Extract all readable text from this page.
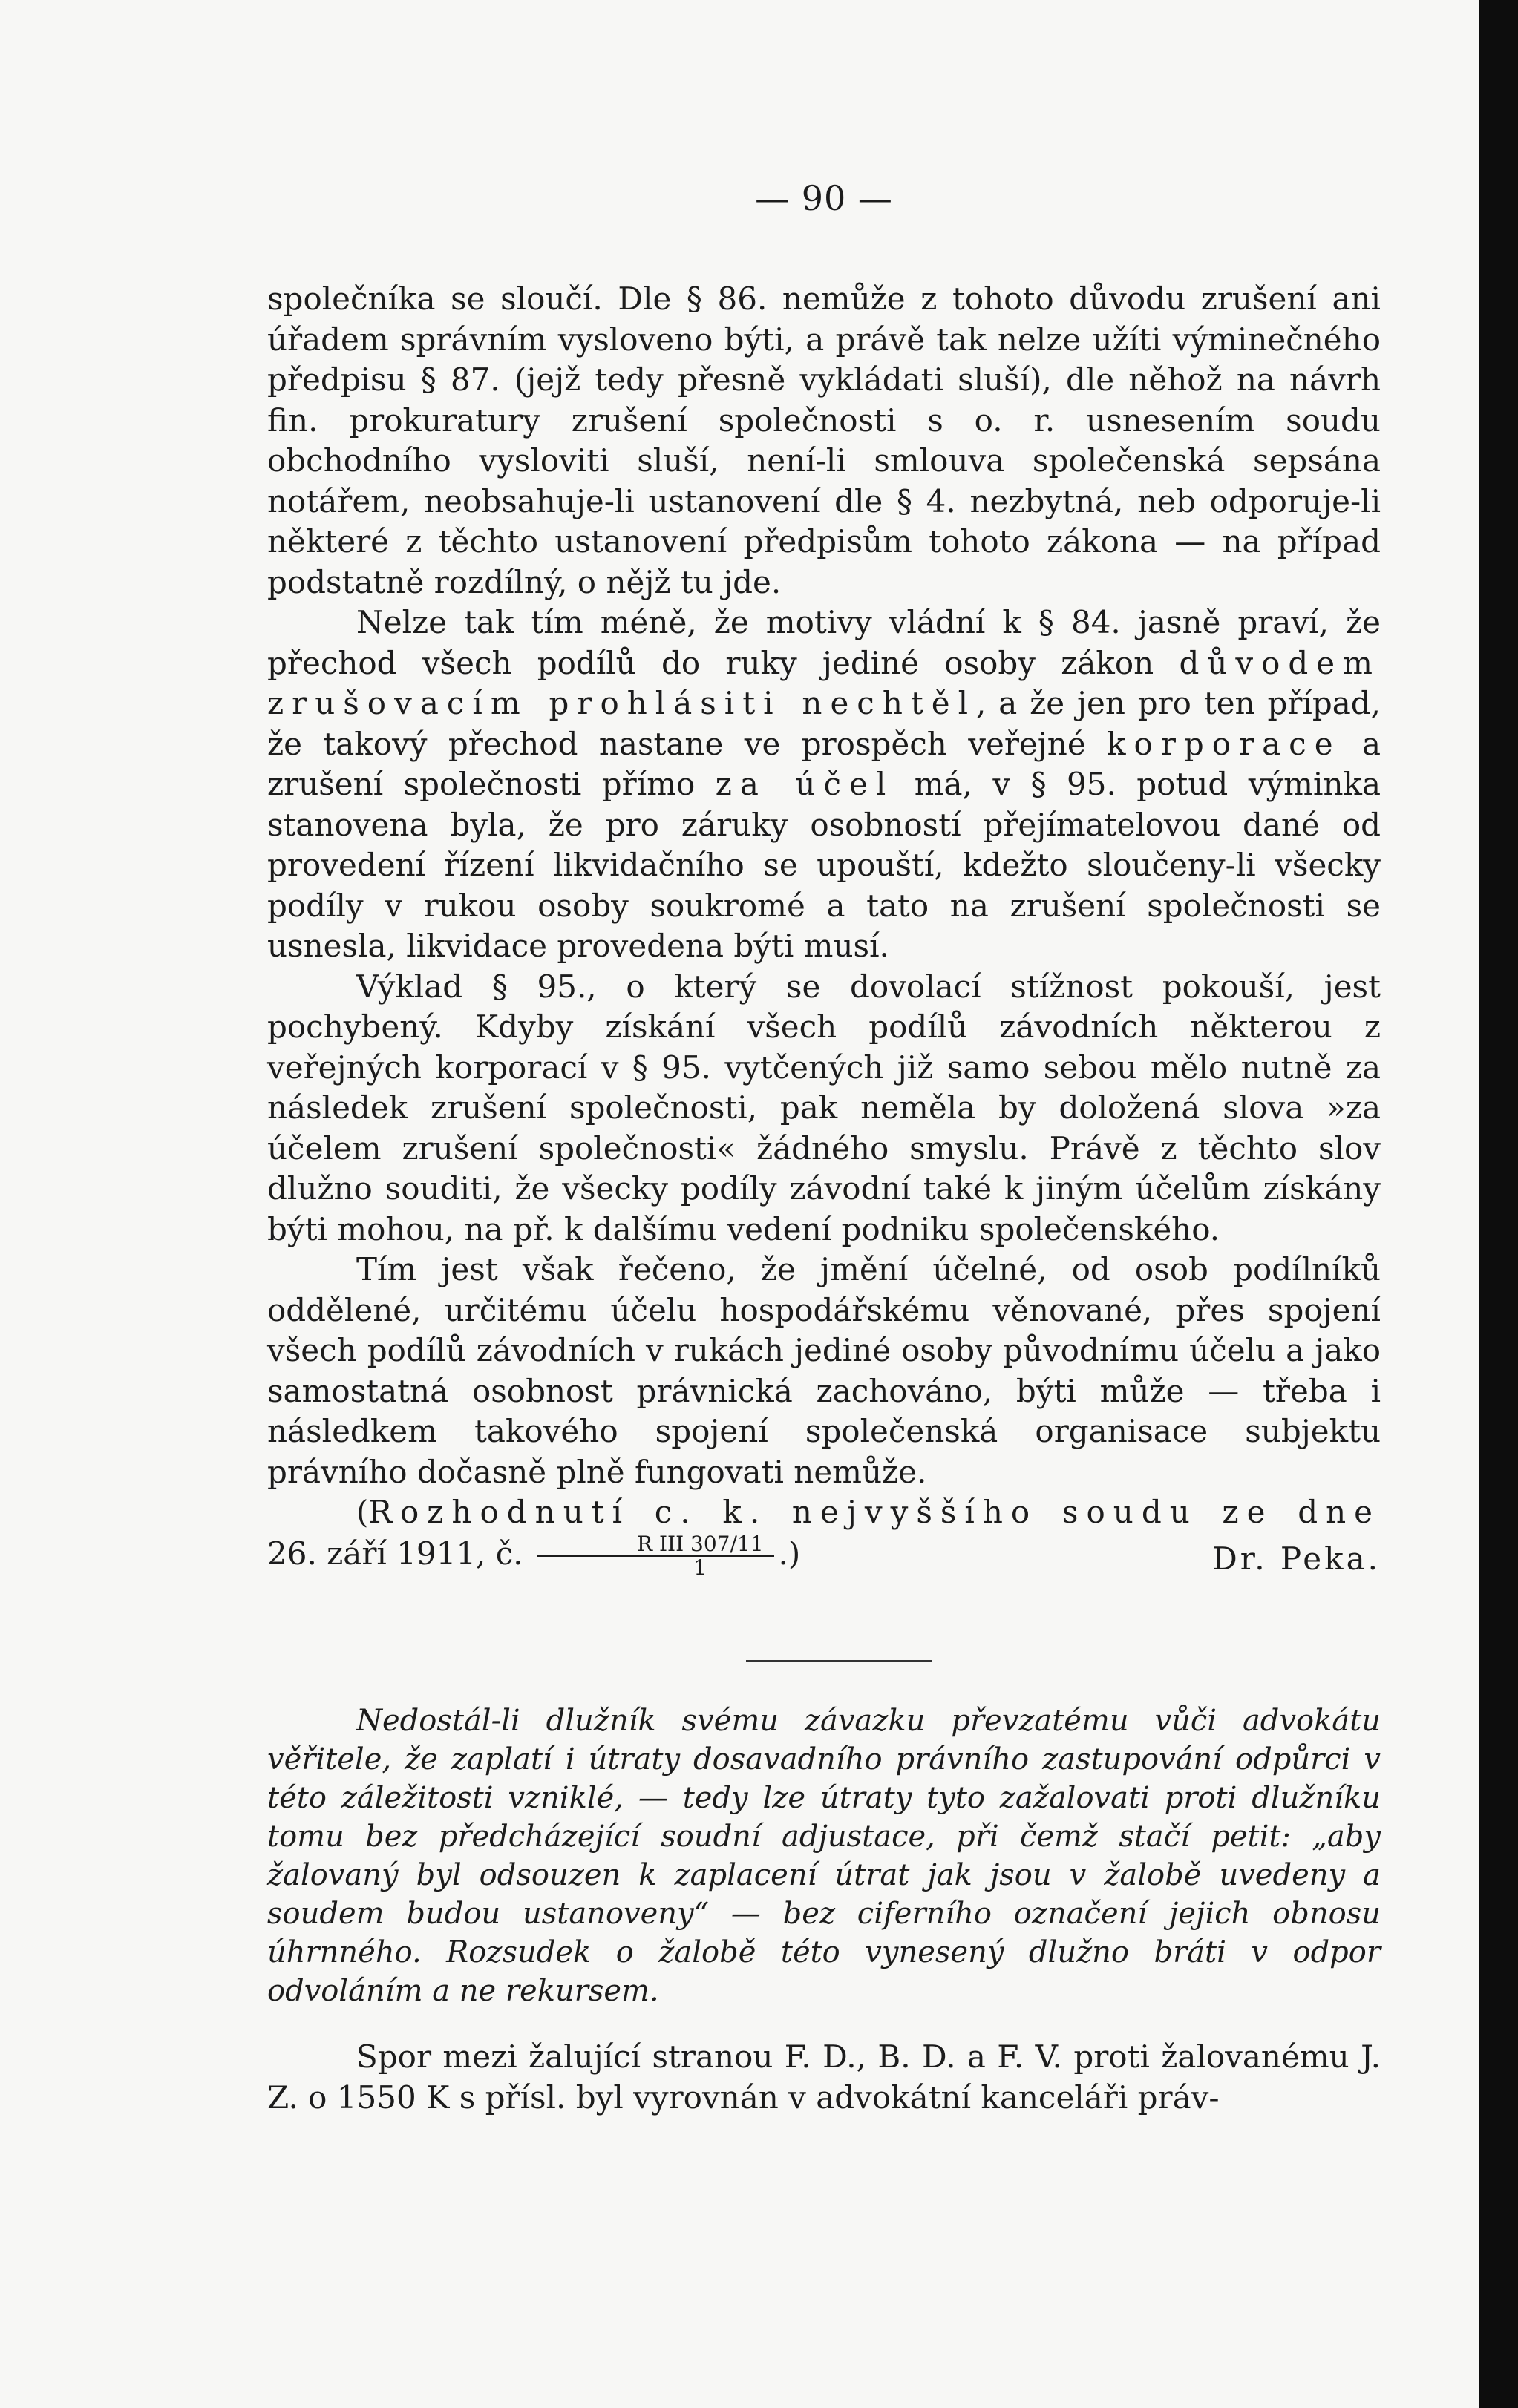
— 90 —

společníka se sloučí. Dle § 86. nemůže z tohoto důvodu zrušení ani úřadem správním vysloveno býti, a právě tak nelze užíti výminečného předpisu § 87. (jejž tedy přesně vykládati sluší), dle něhož na návrh fin. prokuratury zrušení společnosti s o. r. usnesením soudu obchodního vysloviti sluší, není-li smlouva společenská sepsána notářem, neobsahuje-li ustanovení dle § 4. nezbytná, neb odporuje-li některé z těchto ustanovení předpisům tohoto zákona — na případ podstatně rozdílný, o nějž tu jde.

Nelze tak tím méně, že motivy vládní k § 84. jasně praví, že přechod všech podílů do ruky jediné osoby zákon důvodem zrušovacím prohlásiti nechtěl, a že jen pro ten případ, že takový přechod nastane ve prospěch veřejné korporace a zrušení společnosti přímo za účel má, v § 95. potud výminka stanovena byla, že pro záruky osobností přejímatelovou dané od provedení řízení likvidačního se upouští, kdežto sloučeny-li všecky podíly v rukou osoby soukromé a tato na zrušení společnosti se usnesla, likvidace provedena býti musí.

Výklad § 95., o který se dovolací stížnost pokouší, jest pochybený. Kdyby získání všech podílů závodních některou z veřejných korporací v § 95. vytčených již samo sebou mělo nutně za následek zrušení společnosti, pak neměla by doložená slova »za účelem zrušení společnosti« žádného smyslu. Právě z těchto slov dlužno souditi, že všecky podíly závodní také k jiným účelům získány býti mohou, na př. k dalšímu vedení podniku společenského.

Tím jest však řečeno, že jmění účelné, od osob podílníků oddělené, určitému účelu hospodářskému věnované, přes spojení všech podílů závodních v rukách jediné osoby původnímu účelu a jako samostatná osobnost právnická zachováno, býti může — třeba i následkem takového spojení společenská organisace subjektu právního dočasně plně fungovati nemůže.

(Rozhodnutí c. k. nejvyššího soudu ze dne 26. září 1911, č. $\frac{\text{R III 307/11}}{1}$ .)	Dr. Peka.

Nedostál-li dlužník svému závazku převzatému vůči advokátu věřitele, že zaplatí i útraty dosavadního právního zastupování odpůrci v této záležitosti vzniklé, — tedy lze útraty tyto zažalovati proti dlužníku tomu bez předcházející soudní adjustace, při čemž stačí petit: „aby žalovaný byl odsouzen k zaplacení útrat jak jsou v žalobě uvedeny a soudem budou ustanoveny“ — bez ciferního označení jejich obnosu úhrnného. Rozsudek o žalobě této vynesený dlužno bráti v odpor odvoláním a ne rekursem.

Spor mezi žalující stranou F. D., B. D. a F. V. proti žalovanému J. Z. o 1550 K s přísl. byl vyrovnán v advokátní kanceláři práv-
